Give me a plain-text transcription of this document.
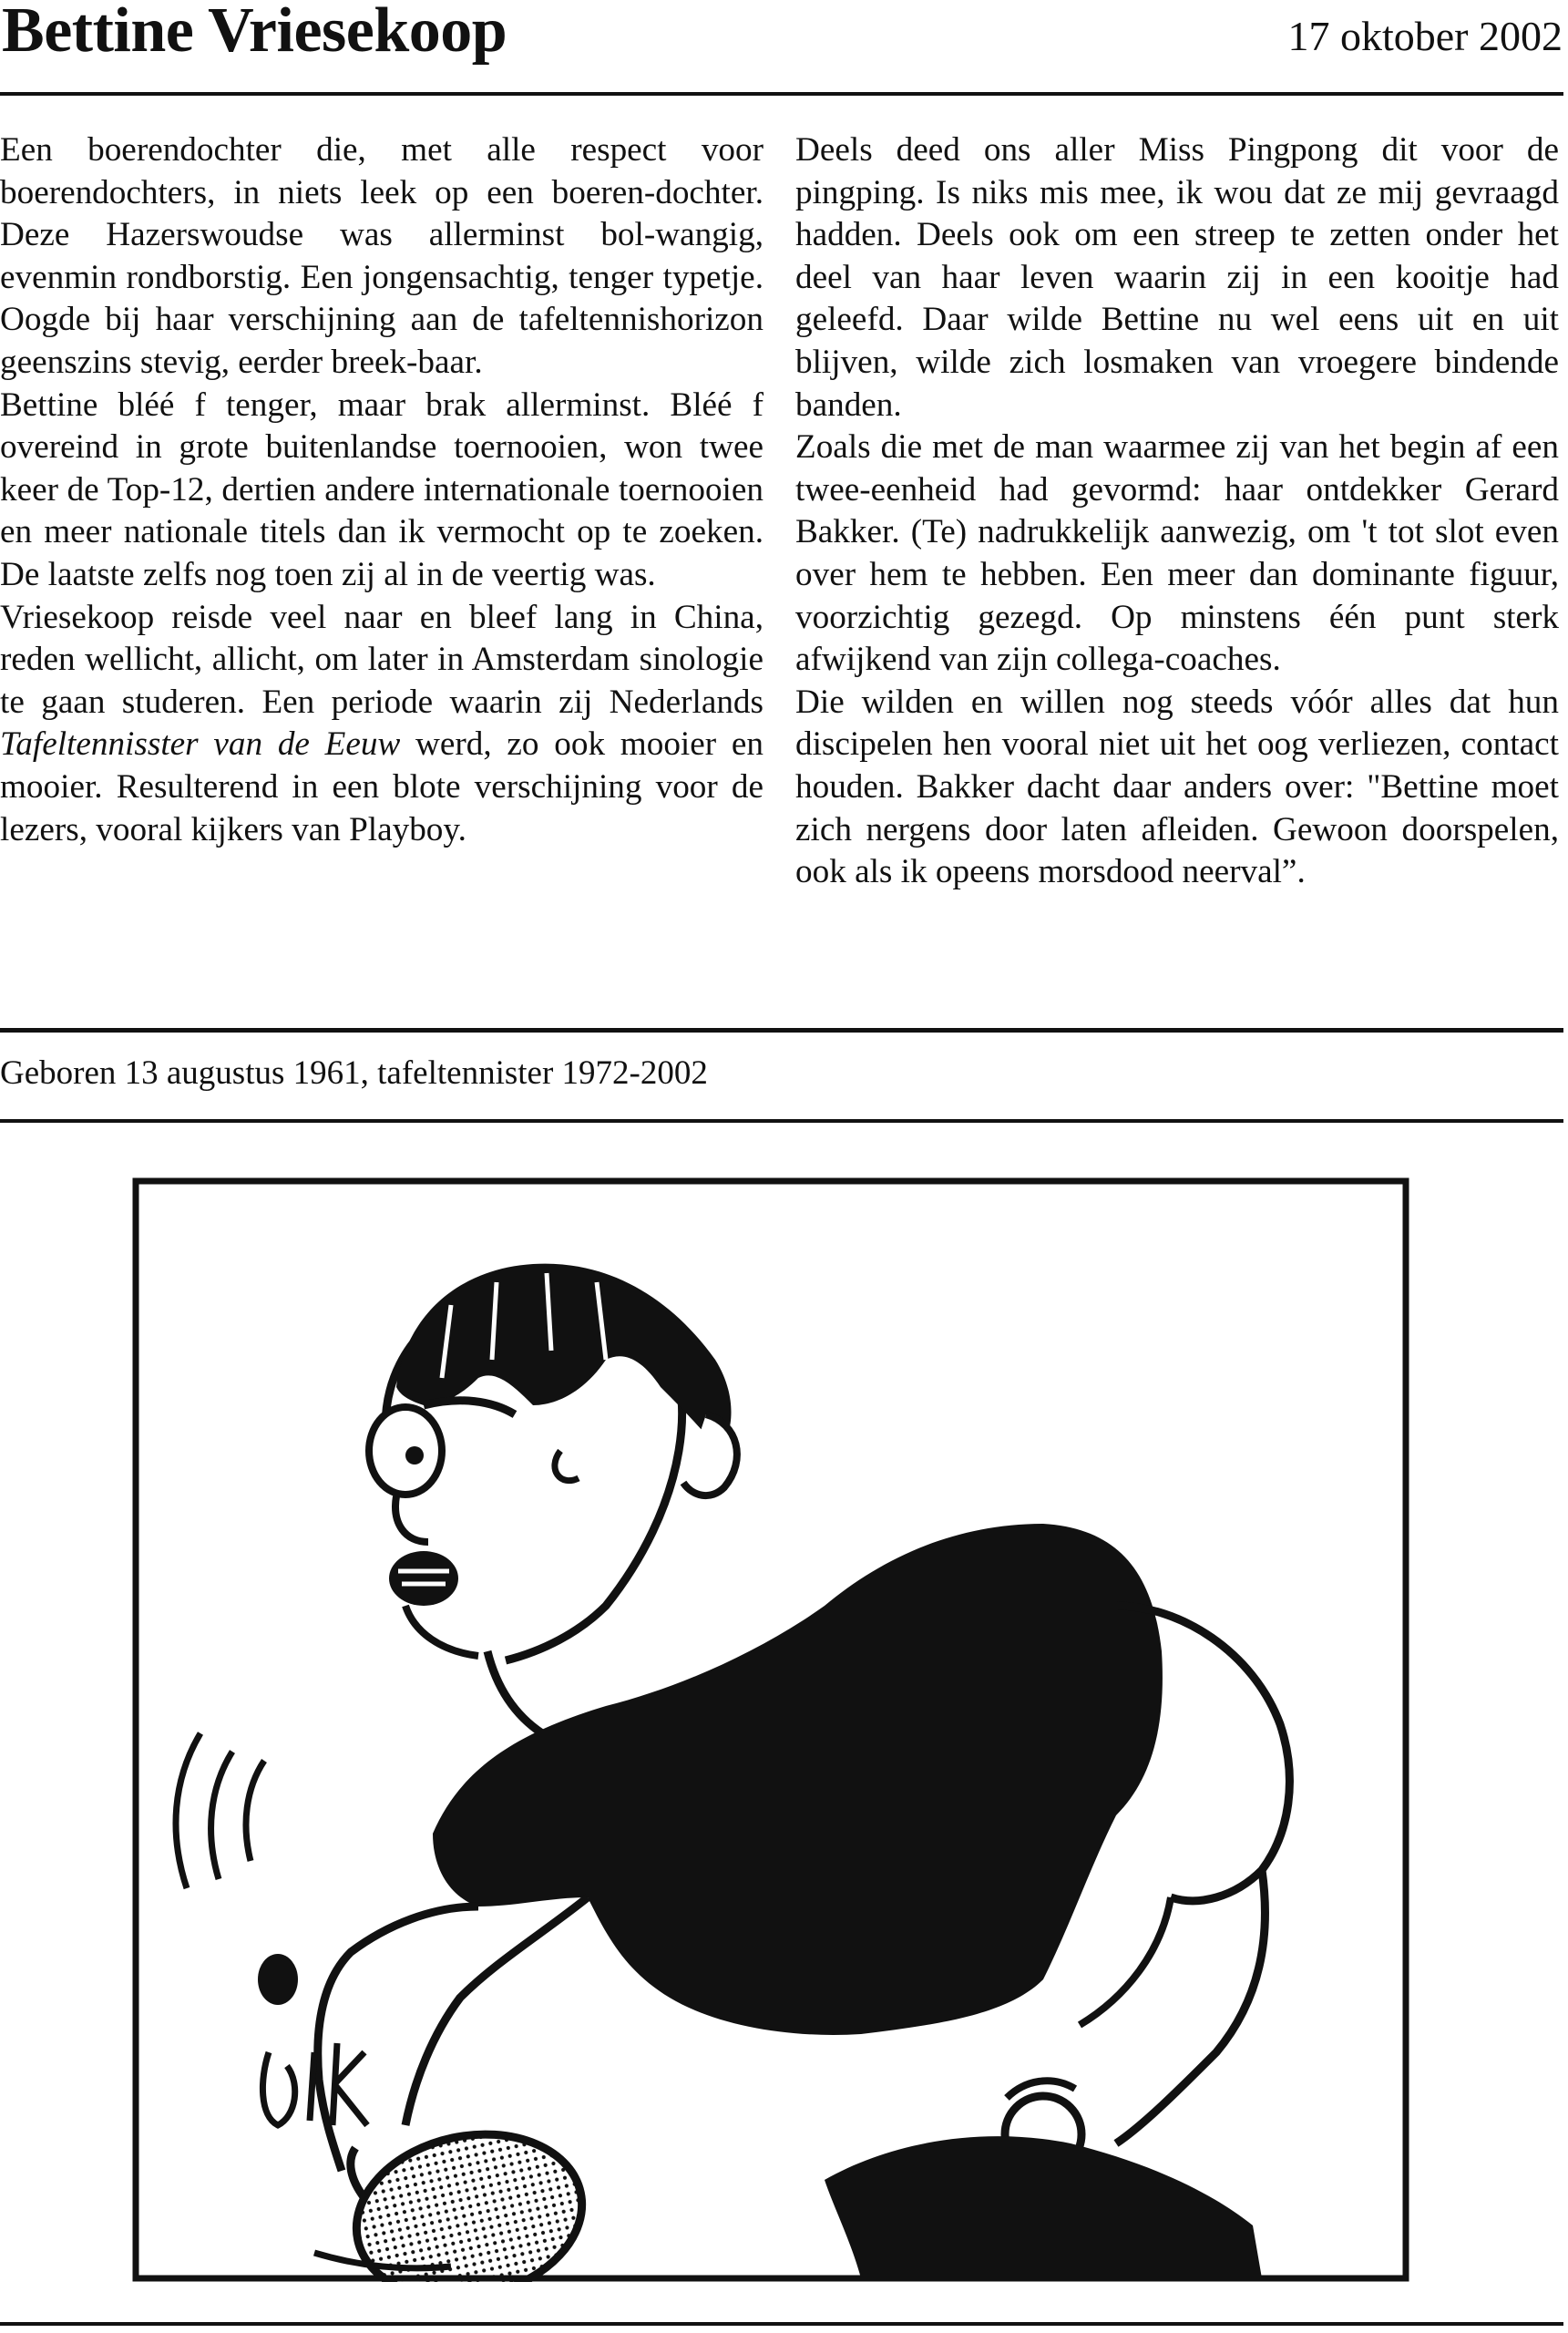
Bettine Vriesekoop	17 oktober 2002

Een boerendochter die, met alle respect voor boerendochters, in niets leek op een boeren-dochter. Deze Hazerswoudse was allerminst bol-wangig, evenmin rondborstig. Een jongensachtig, tenger typetje. Oogde bij haar verschijning aan de tafeltennishorizon geenszins stevig, eerder breek-baar.

Bettine bléé f tenger, maar brak allerminst. Bléé f overeind in grote buitenlandse toernooien, won twee keer de Top-12, dertien andere internationale toernooien en meer nationale titels dan ik vermocht op te zoeken. De laatste zelfs nog toen zij al in de veertig was.

Vriesekoop reisde veel naar en bleef lang in China, reden wellicht, allicht, om later in Amsterdam sinologie te gaan studeren. Een periode waarin zij Nederlands Tafeltennisster van de Eeuw werd, zo ook mooier en mooier. Resulterend in een blote verschijning voor de lezers, vooral kijkers van Playboy.

Deels deed ons aller Miss Pingpong dit voor de pingping. Is niks mis mee, ik wou dat ze mij gevraagd hadden. Deels ook om een streep te zetten onder het deel van haar leven waarin zij in een kooitje had geleefd. Daar wilde Bettine nu wel eens uit en uit blijven, wilde zich losmaken van vroegere bindende banden.

Zoals die met de man waarmee zij van het begin af een twee-eenheid had gevormd: haar ontdekker Gerard Bakker. (Te) nadrukkelijk aanwezig, om 't tot slot even over hem te hebben. Een meer dan dominante figuur, voorzichtig gezegd. Op minstens één punt sterk afwijkend van zijn collega-coaches.

Die wilden en willen nog steeds vóór alles dat hun discipelen hen vooral niet uit het oog verliezen, contact houden. Bakker dacht daar anders over: "Bettine moet zich nergens door laten afleiden. Gewoon doorspelen, ook als ik opeens morsdood neerval”.

Geboren 13 augustus 1961, tafeltennister 1972-2002
